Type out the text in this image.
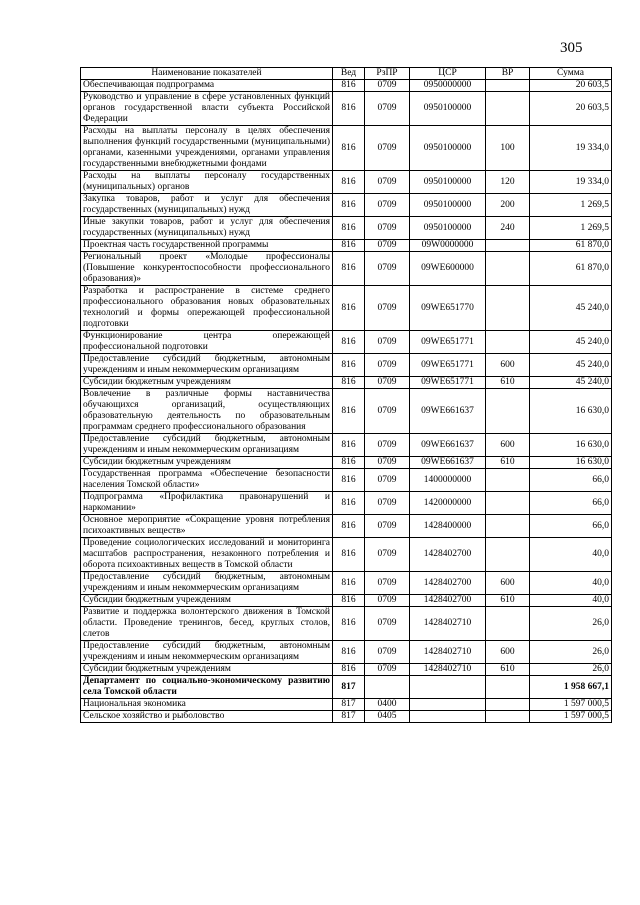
305
Наименование показателей	Вед	РзПР	ЦСР	ВР	Сумма
Обеспечивающая подпрограмма	816	0709	0950000000		20 603,5
Руководство и управление в сфере установленных функций органов государственной власти субъекта Российской Федерации	816	0709	0950100000		20 603,5
Расходы на выплаты персоналу в целях обеспечения выполнения функций государственными (муниципальными) органами, казенными учреждениями, органами управления государственными внебюджетными фондами	816	0709	0950100000	100	19 334,0
Расходы на выплаты персоналу государственных (муниципальных) органов	816	0709	0950100000	120	19 334,0
Закупка товаров, работ и услуг для обеспечения государственных (муниципальных) нужд	816	0709	0950100000	200	1 269,5
Иные закупки товаров, работ и услуг для обеспечения государственных (муниципальных) нужд	816	0709	0950100000	240	1 269,5
Проектная часть государственной программы	816	0709	09W0000000		61 870,0
Региональный проект «Молодые профессионалы (Повышение конкурентоспособности профессионального образования)»	816	0709	09WE600000		61 870,0
Разработка и распространение в системе среднего профессионального образования новых образовательных технологий и формы опережающей профессиональной подготовки	816	0709	09WE651770		45 240,0
Функционирование центра опережающей профессиональной подготовки	816	0709	09WE651771		45 240,0
Предоставление субсидий бюджетным, автономным учреждениям и иным некоммерческим организациям	816	0709	09WE651771	600	45 240,0
Субсидии бюджетным учреждениям	816	0709	09WE651771	610	45 240,0
Вовлечение в различные формы наставничества обучающихся организаций, осуществляющих образовательную деятельность по образовательным программам среднего профессионального образования	816	0709	09WE661637		16 630,0
Предоставление субсидий бюджетным, автономным учреждениям и иным некоммерческим организациям	816	0709	09WE661637	600	16 630,0
Субсидии бюджетным учреждениям	816	0709	09WE661637	610	16 630,0
Государственная программа «Обеспечение безопасности населения Томской области»	816	0709	1400000000		66,0
Подпрограмма «Профилактика правонарушений и наркомании»	816	0709	1420000000		66,0
Основное мероприятие «Сокращение уровня потребления психоактивных веществ»	816	0709	1428400000		66,0
Проведение социологических исследований и мониторинга масштабов распространения, незаконного потребления и оборота психоактивных веществ в Томской области	816	0709	1428402700		40,0
Предоставление субсидий бюджетным, автономным учреждениям и иным некоммерческим организациям	816	0709	1428402700	600	40,0
Субсидии бюджетным учреждениям	816	0709	1428402700	610	40,0
Развитие и поддержка волонтерского движения в Томской области. Проведение тренингов, бесед, круглых столов, слетов	816	0709	1428402710		26,0
Предоставление субсидий бюджетным, автономным учреждениям и иным некоммерческим организациям	816	0709	1428402710	600	26,0
Субсидии бюджетным учреждениям	816	0709	1428402710	610	26,0
Департамент по социально-экономическому развитию села Томской области	817				1 958 667,1
Национальная экономика	817	0400			1 597 000,5
Сельское хозяйство и рыболовство	817	0405			1 597 000,5
